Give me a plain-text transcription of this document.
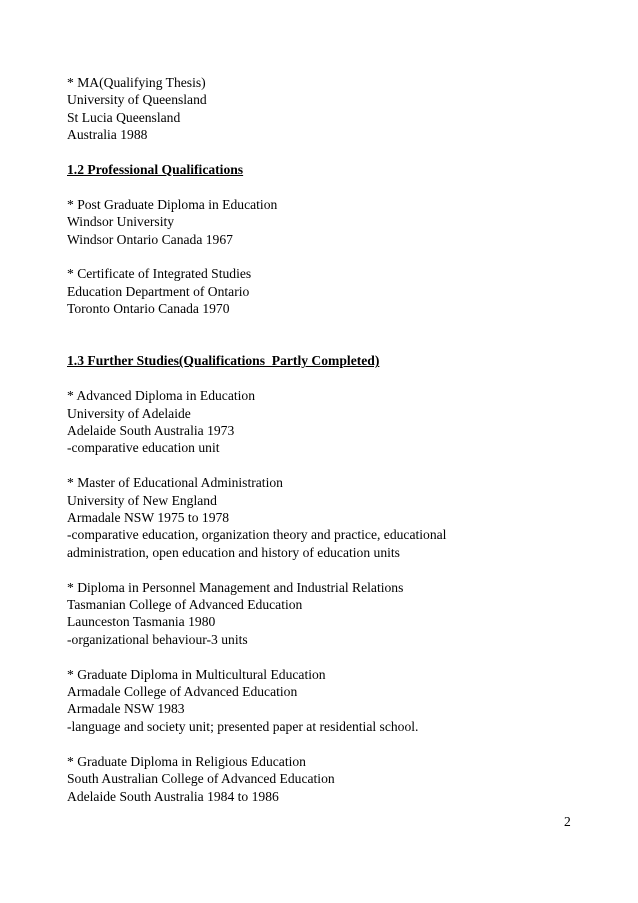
* MA(Qualifying Thesis)
University of Queensland
St Lucia Queensland
Australia 1988
1.2 Professional Qualifications
* Post Graduate Diploma in Education
Windsor University
Windsor Ontario Canada 1967
* Certificate of Integrated Studies
Education Department of Ontario
Toronto Ontario Canada 1970
1.3 Further Studies(Qualifications  Partly Completed)
* Advanced Diploma in Education
University of Adelaide
Adelaide South Australia 1973
-comparative education unit
* Master of Educational Administration
University of New England
Armadale NSW 1975 to 1978
-comparative education, organization theory and practice, educational
administration, open education and history of education units
* Diploma in Personnel Management and Industrial Relations
Tasmanian College of Advanced Education
Launceston Tasmania 1980
-organizational behaviour-3 units
* Graduate Diploma in Multicultural Education
Armadale College of Advanced Education
Armadale NSW 1983
-language and society unit; presented paper at residential school.
* Graduate Diploma in Religious Education
South Australian College of Advanced Education
Adelaide South Australia 1984 to 1986
2
